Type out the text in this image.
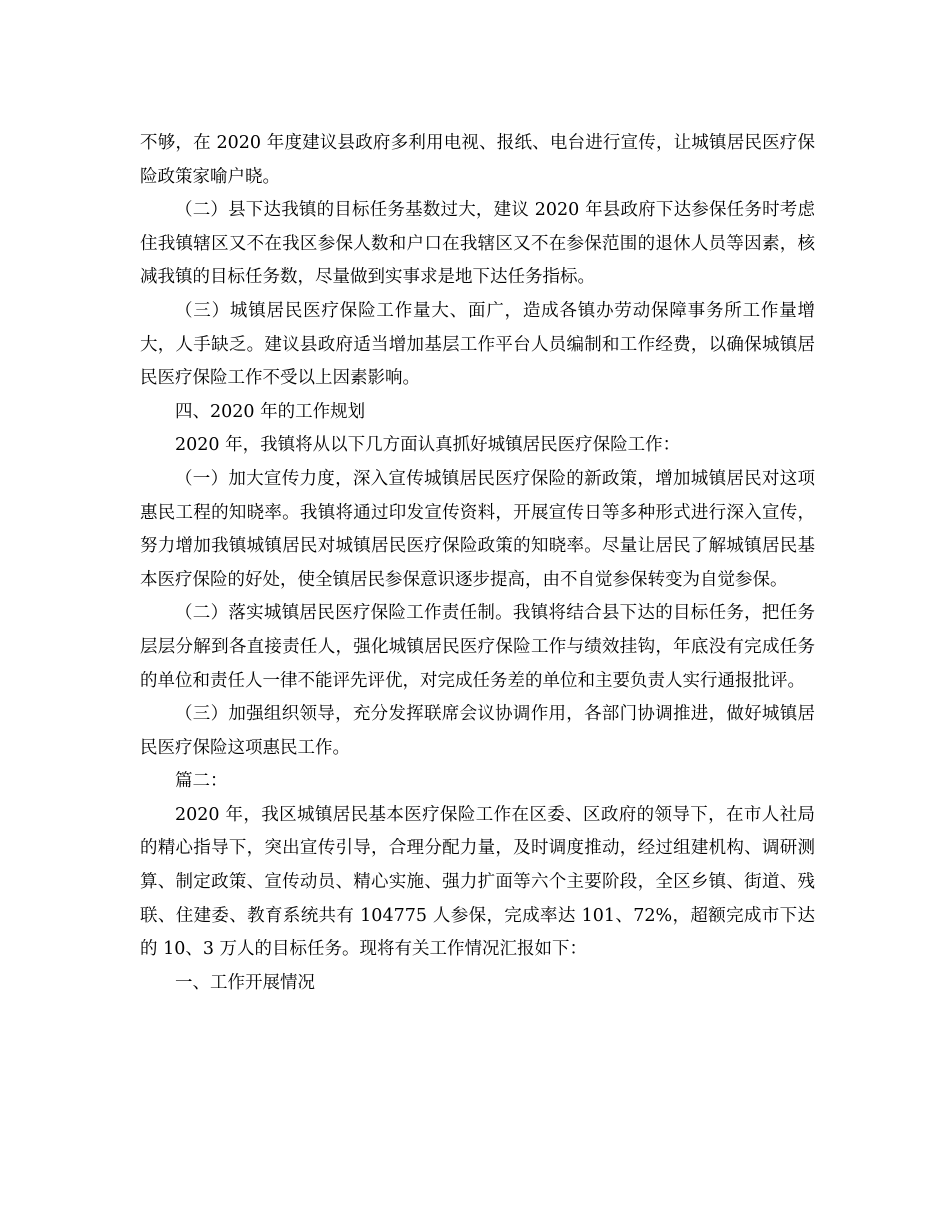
不够，在 2020 年度建议县政府多利用电视、报纸、电台进行宣传，让城镇居民医疗保险政策家喻户晓。

（二）县下达我镇的目标任务基数过大，建议 2020 年县政府下达参保任务时考虑住我镇辖区又不在我区参保人数和户口在我辖区又不在参保范围的退休人员等因素，核减我镇的目标任务数，尽量做到实事求是地下达任务指标。

（三）城镇居民医疗保险工作量大、面广，造成各镇办劳动保障事务所工作量增大，人手缺乏。建议县政府适当增加基层工作平台人员编制和工作经费，以确保城镇居民医疗保险工作不受以上因素影响。

四、2020 年的工作规划

2020 年，我镇将从以下几方面认真抓好城镇居民医疗保险工作：

（一）加大宣传力度，深入宣传城镇居民医疗保险的新政策，增加城镇居民对这项惠民工程的知晓率。我镇将通过印发宣传资料，开展宣传日等多种形式进行深入宣传，努力增加我镇城镇居民对城镇居民医疗保险政策的知晓率。尽量让居民了解城镇居民基本医疗保险的好处，使全镇居民参保意识逐步提高，由不自觉参保转变为自觉参保。

（二）落实城镇居民医疗保险工作责任制。我镇将结合县下达的目标任务，把任务层层分解到各直接责任人，强化城镇居民医疗保险工作与绩效挂钩，年底没有完成任务的单位和责任人一律不能评先评优，对完成任务差的单位和主要负责人实行通报批评。

（三）加强组织领导，充分发挥联席会议协调作用，各部门协调推进，做好城镇居民医疗保险这项惠民工作。

篇二：

2020 年，我区城镇居民基本医疗保险工作在区委、区政府的领导下，在市人社局的精心指导下，突出宣传引导，合理分配力量，及时调度推动，经过组建机构、调研测算、制定政策、宣传动员、精心实施、强力扩面等六个主要阶段，全区乡镇、街道、残联、住建委、教育系统共有 104775 人参保，完成率达 101、72%，超额完成市下达的 10、3 万人的目标任务。现将有关工作情况汇报如下：

一、工作开展情况
